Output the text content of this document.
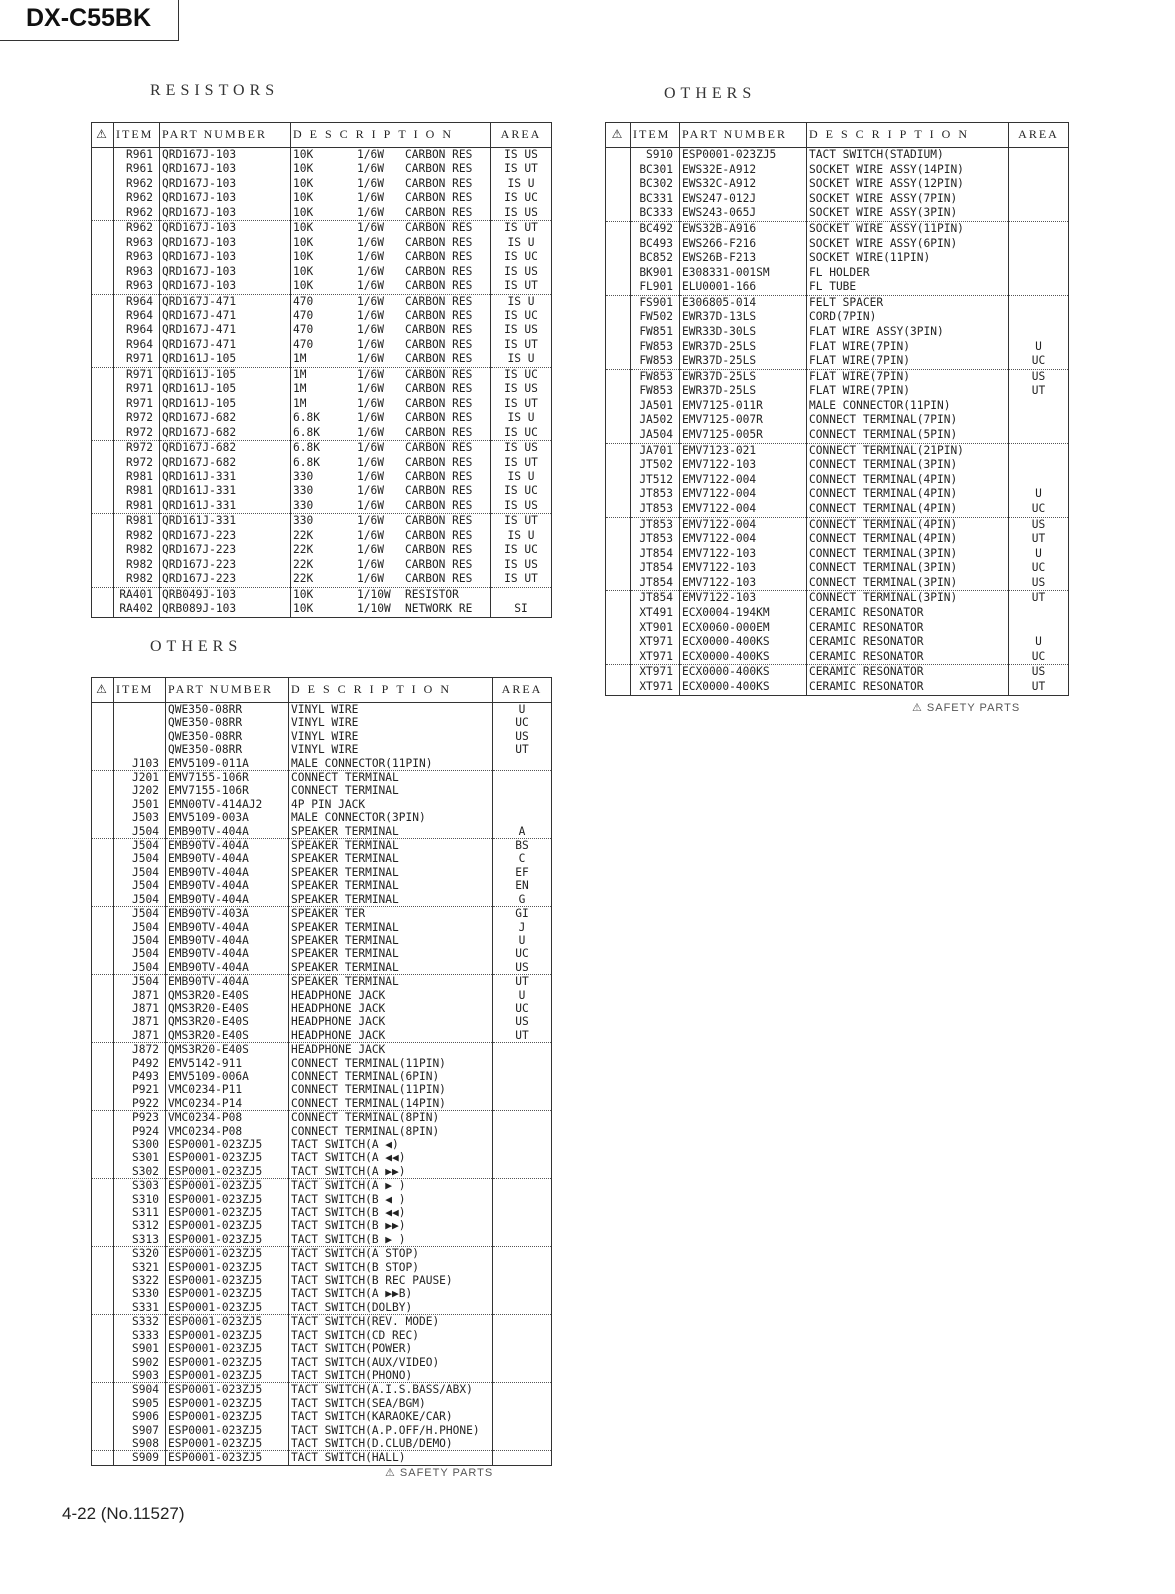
DX-C55BK
RESISTORS	OTHERS
OTHERS
⚠	ITEM	PART NUMBER	DESCRIPTION	AREA
	R961	QRD167J-103	10K 1/6W CARBON RES	IS US
	R961	QRD167J-103	10K 1/6W CARBON RES	IS UT
	R962	QRD167J-103	10K 1/6W CARBON RES	IS U
	R962	QRD167J-103	10K 1/6W CARBON RES	IS UC
	R962	QRD167J-103	10K 1/6W CARBON RES	IS US
	R962	QRD167J-103	10K 1/6W CARBON RES	IS UT
	R963	QRD167J-103	10K 1/6W CARBON RES	IS U
	R963	QRD167J-103	10K 1/6W CARBON RES	IS UC
	R963	QRD167J-103	10K 1/6W CARBON RES	IS US
	R963	QRD167J-103	10K 1/6W CARBON RES	IS UT
	R964	QRD167J-471	470 1/6W CARBON RES	IS U
	R964	QRD167J-471	470 1/6W CARBON RES	IS UC
	R964	QRD167J-471	470 1/6W CARBON RES	IS US
	R964	QRD167J-471	470 1/6W CARBON RES	IS UT
	R971	QRD161J-105	1M 1/6W CARBON RES	IS U
	R971	QRD161J-105	1M 1/6W CARBON RES	IS UC
	R971	QRD161J-105	1M 1/6W CARBON RES	IS US
	R971	QRD161J-105	1M 1/6W CARBON RES	IS UT
	R972	QRD167J-682	6.8K 1/6W CARBON RES	IS U
	R972	QRD167J-682	6.8K 1/6W CARBON RES	IS UC
	R972	QRD167J-682	6.8K 1/6W CARBON RES	IS US
	R972	QRD167J-682	6.8K 1/6W CARBON RES	IS UT
	R981	QRD161J-331	330 1/6W CARBON RES	IS U
	R981	QRD161J-331	330 1/6W CARBON RES	IS UC
	R981	QRD161J-331	330 1/6W CARBON RES	IS US
	R981	QRD161J-331	330 1/6W CARBON RES	IS UT
	R982	QRD167J-223	22K 1/6W CARBON RES	IS U
	R982	QRD167J-223	22K 1/6W CARBON RES	IS UC
	R982	QRD167J-223	22K 1/6W CARBON RES	IS US
	R982	QRD167J-223	22K 1/6W CARBON RES	IS UT
	RA401	QRB049J-103	10K 1/10W RESISTOR	
	RA402	QRB089J-103	10K 1/10W NETWORK RE	SI

⚠	ITEM	PART NUMBER	DESCRIPTION	AREA
		QWE350-08RR	VINYL WIRE	U
		QWE350-08RR	VINYL WIRE	UC
		QWE350-08RR	VINYL WIRE	US
		QWE350-08RR	VINYL WIRE	UT
	J103	EMV5109-011A	MALE CONNECTOR(11PIN)	
	J201	EMV7155-106R	CONNECT TERMINAL	
	J202	EMV7155-106R	CONNECT TERMINAL	
	J501	EMN00TV-414AJ2	4P PIN JACK	
	J503	EMV5109-003A	MALE CONNECTOR(3PIN)	
	J504	EMB90TV-404A	SPEAKER TERMINAL	A
	J504	EMB90TV-404A	SPEAKER TERMINAL	BS
	J504	EMB90TV-404A	SPEAKER TERMINAL	C
	J504	EMB90TV-404A	SPEAKER TERMINAL	EF
	J504	EMB90TV-404A	SPEAKER TERMINAL	EN
	J504	EMB90TV-404A	SPEAKER TERMINAL	G
	J504	EMB90TV-403A	SPEAKER TER	GI
	J504	EMB90TV-404A	SPEAKER TERMINAL	J
	J504	EMB90TV-404A	SPEAKER TERMINAL	U
	J504	EMB90TV-404A	SPEAKER TERMINAL	UC
	J504	EMB90TV-404A	SPEAKER TERMINAL	US
	J504	EMB90TV-404A	SPEAKER TERMINAL	UT
	J871	QMS3R20-E40S	HEADPHONE JACK	U
	J871	QMS3R20-E40S	HEADPHONE JACK	UC
	J871	QMS3R20-E40S	HEADPHONE JACK	US
	J871	QMS3R20-E40S	HEADPHONE JACK	UT
	J872	QMS3R20-E40S	HEADPHONE JACK	
	P492	EMV5142-911	CONNECT TERMINAL(11PIN)	
	P493	EMV5109-006A	CONNECT TERMINAL(6PIN)	
	P921	VMC0234-P11	CONNECT TERMINAL(11PIN)	
	P922	VMC0234-P14	CONNECT TERMINAL(14PIN)	
	P923	VMC0234-P08	CONNECT TERMINAL(8PIN)	
	P924	VMC0234-P08	CONNECT TERMINAL(8PIN)	
	S300	ESP0001-023ZJ5	TACT SWITCH(A ◀)	
	S301	ESP0001-023ZJ5	TACT SWITCH(A ◀◀)	
	S302	ESP0001-023ZJ5	TACT SWITCH(A ▶▶)	
	S303	ESP0001-023ZJ5	TACT SWITCH(A ▶ )	
	S310	ESP0001-023ZJ5	TACT SWITCH(B ◀ )	
	S311	ESP0001-023ZJ5	TACT SWITCH(B ◀◀)	
	S312	ESP0001-023ZJ5	TACT SWITCH(B ▶▶)	
	S313	ESP0001-023ZJ5	TACT SWITCH(B ▶ )	
	S320	ESP0001-023ZJ5	TACT SWITCH(A STOP)	
	S321	ESP0001-023ZJ5	TACT SWITCH(B STOP)	
	S322	ESP0001-023ZJ5	TACT SWITCH(B REC PAUSE)	
	S330	ESP0001-023ZJ5	TACT SWITCH(A ▶▶B)	
	S331	ESP0001-023ZJ5	TACT SWITCH(DOLBY)	
	S332	ESP0001-023ZJ5	TACT SWITCH(REV. MODE)	
	S333	ESP0001-023ZJ5	TACT SWITCH(CD REC)	
	S901	ESP0001-023ZJ5	TACT SWITCH(POWER)	
	S902	ESP0001-023ZJ5	TACT SWITCH(AUX/VIDEO)	
	S903	ESP0001-023ZJ5	TACT SWITCH(PHONO)	
	S904	ESP0001-023ZJ5	TACT SWITCH(A.I.S.BASS/ABX)	
	S905	ESP0001-023ZJ5	TACT SWITCH(SEA/BGM)	
	S906	ESP0001-023ZJ5	TACT SWITCH(KARAOKE/CAR)	
	S907	ESP0001-023ZJ5	TACT SWITCH(A.P.OFF/H.PHONE)	
	S908	ESP0001-023ZJ5	TACT SWITCH(D.CLUB/DEMO)	
	S909	ESP0001-023ZJ5	TACT SWITCH(HALL)	

⚠	ITEM	PART NUMBER	DESCRIPTION	AREA
	S910	ESP0001-023ZJ5	TACT SWITCH(STADIUM)	
	BC301	EWS32E-A912	SOCKET WIRE ASSY(14PIN)	
	BC302	EWS32C-A912	SOCKET WIRE ASSY(12PIN)	
	BC331	EWS247-012J	SOCKET WIRE ASSY(7PIN)	
	BC333	EWS243-065J	SOCKET WIRE ASSY(3PIN)	
	BC492	EWS32B-A916	SOCKET WIRE ASSY(11PIN)	
	BC493	EWS266-F216	SOCKET WIRE ASSY(6PIN)	
	BC852	EWS26B-F213	SOCKET WIRE(11PIN)	
	BK901	E308331-001SM	FL HOLDER	
	FL901	ELU0001-166	FL TUBE	
	FS901	E306805-014	FELT SPACER	
	FW502	EWR37D-13LS	CORD(7PIN)	
	FW851	EWR33D-30LS	FLAT WIRE ASSY(3PIN)	
	FW853	EWR37D-25LS	FLAT WIRE(7PIN)	U
	FW853	EWR37D-25LS	FLAT WIRE(7PIN)	UC
	FW853	EWR37D-25LS	FLAT WIRE(7PIN)	US
	FW853	EWR37D-25LS	FLAT WIRE(7PIN)	UT
	JA501	EMV7125-011R	MALE CONNECTOR(11PIN)	
	JA502	EMV7125-007R	CONNECT TERMINAL(7PIN)	
	JA504	EMV7125-005R	CONNECT TERMINAL(5PIN)	
	JA701	EMV7123-021	CONNECT TERMINAL(21PIN)	
	JT502	EMV7122-103	CONNECT TERMINAL(3PIN)	
	JT512	EMV7122-004	CONNECT TERMINAL(4PIN)	
	JT853	EMV7122-004	CONNECT TERMINAL(4PIN)	U
	JT853	EMV7122-004	CONNECT TERMINAL(4PIN)	UC
	JT853	EMV7122-004	CONNECT TERMINAL(4PIN)	US
	JT853	EMV7122-004	CONNECT TERMINAL(4PIN)	UT
	JT854	EMV7122-103	CONNECT TERMINAL(3PIN)	U
	JT854	EMV7122-103	CONNECT TERMINAL(3PIN)	UC
	JT854	EMV7122-103	CONNECT TERMINAL(3PIN)	US
	JT854	EMV7122-103	CONNECT TERMINAL(3PIN)	UT
	XT491	ECX0004-194KM	CERAMIC RESONATOR	
	XT901	ECX0060-000EM	CERAMIC RESONATOR	
	XT971	ECX0000-400KS	CERAMIC RESONATOR	U
	XT971	ECX0000-400KS	CERAMIC RESONATOR	UC
	XT971	ECX0000-400KS	CERAMIC RESONATOR	US
	XT971	ECX0000-400KS	CERAMIC RESONATOR	UT

⚠ SAFETY PARTS
⚠ SAFETY PARTS
4-22 (No.11527)
